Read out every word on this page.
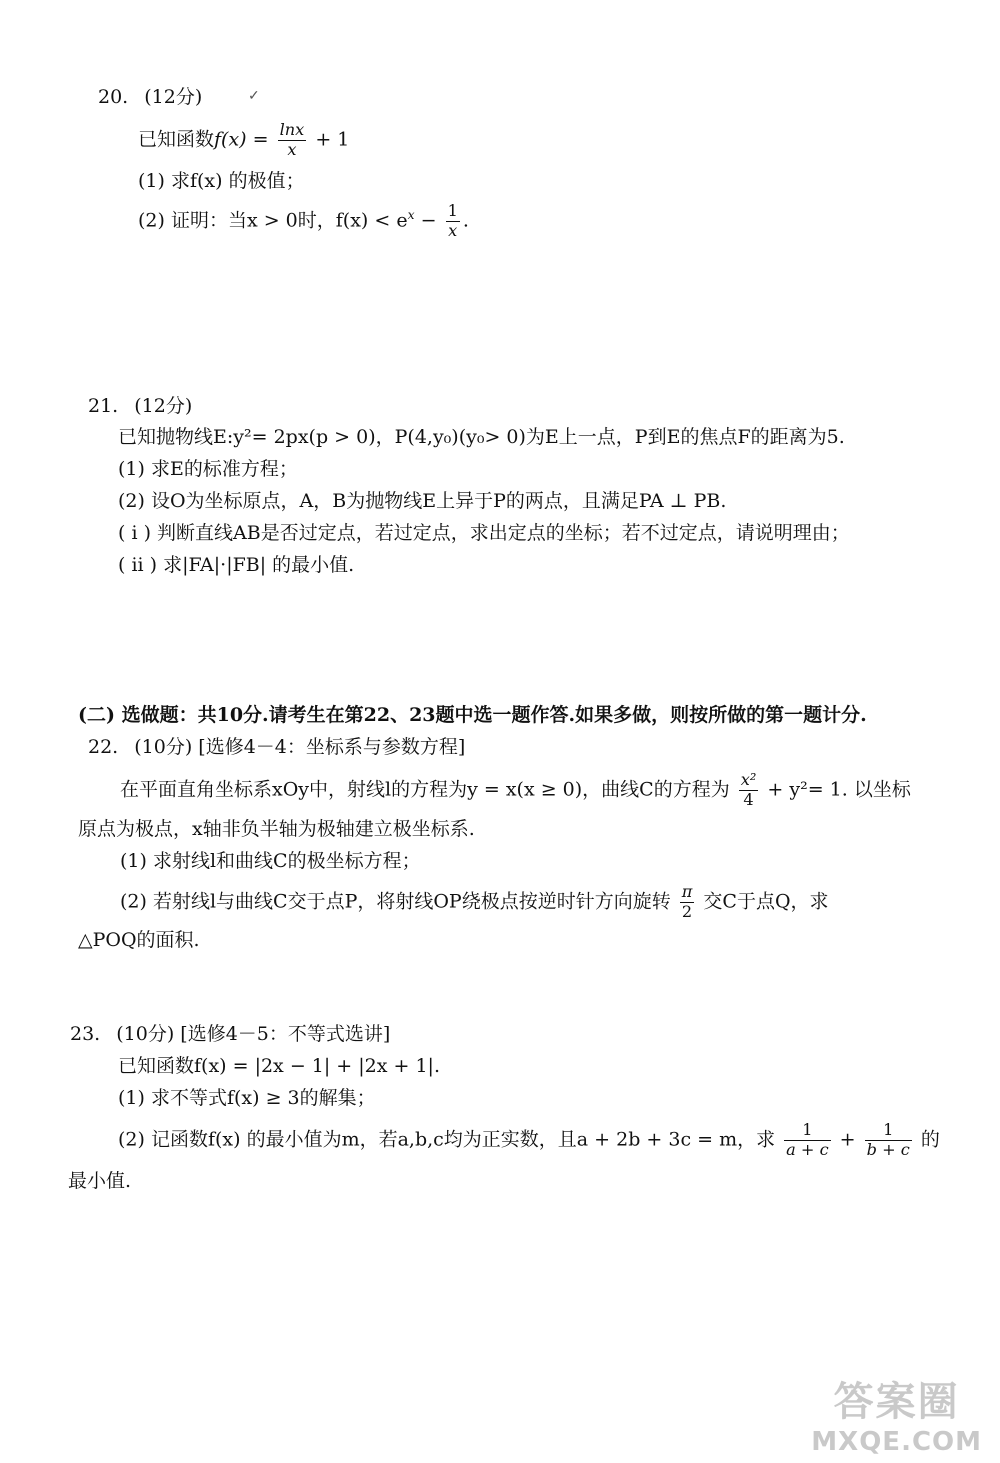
20. (12分)	✓
已知函数$f(x) = \frac{\ln x}{x} + 1$
(1) 求f(x) 的极值；
(2) 证明：当x > 0时，$f(x) < e^x - \frac{1}{x}$ .
21. (12分)
已知抛物线E:y²= 2px(p > 0)，P(4,y₀)(y₀> 0)为E上一点，P到E的焦点F的距离为5.
(1) 求E的标准方程；
(2) 设O为坐标原点，A，B为抛物线E上异于P的两点，且满足PA ⊥ PB.
( i ) 判断直线AB是否过定点，若过定点，求出定点的坐标；若不过定点，请说明理由；
( ii ) 求|FA|·|FB| 的最小值.
(二) 选做题：共10分.请考生在第22、23题中选一题作答.如果多做，则按所做的第一题计分.
22. (10分) [选修4－4：坐标系与参数方程]
在平面直角坐标系xOy中，射线l的方程为y = x(x ≥ 0)，曲线C的方程为 $\frac{\text{x²}}{4} + y^2= 1$. 以坐标
原点为极点，x轴非负半轴为极轴建立极坐标系.
(1) 求射线l和曲线C的极坐标方程；
(2) 若射线l与曲线C交于点P，将射线OP绕极点按逆时针方向旋转 $\frac{\pi}{2}$ 交C于点Q，求
△POQ的面积.
23. (10分) [选修4－5：不等式选讲]
已知函数f(x) = |2x − 1| + |2x + 1|.
(1) 求不等式f(x) ≥ 3的解集；
(2) 记函数f(x) 的最小值为m，若a,b,c均为正实数，且a + 2b + 3c = m，求 $\frac{1}{a + c} + \frac{1}{b + c}$ 的
最小值.
答案圈
MXQE.COM
